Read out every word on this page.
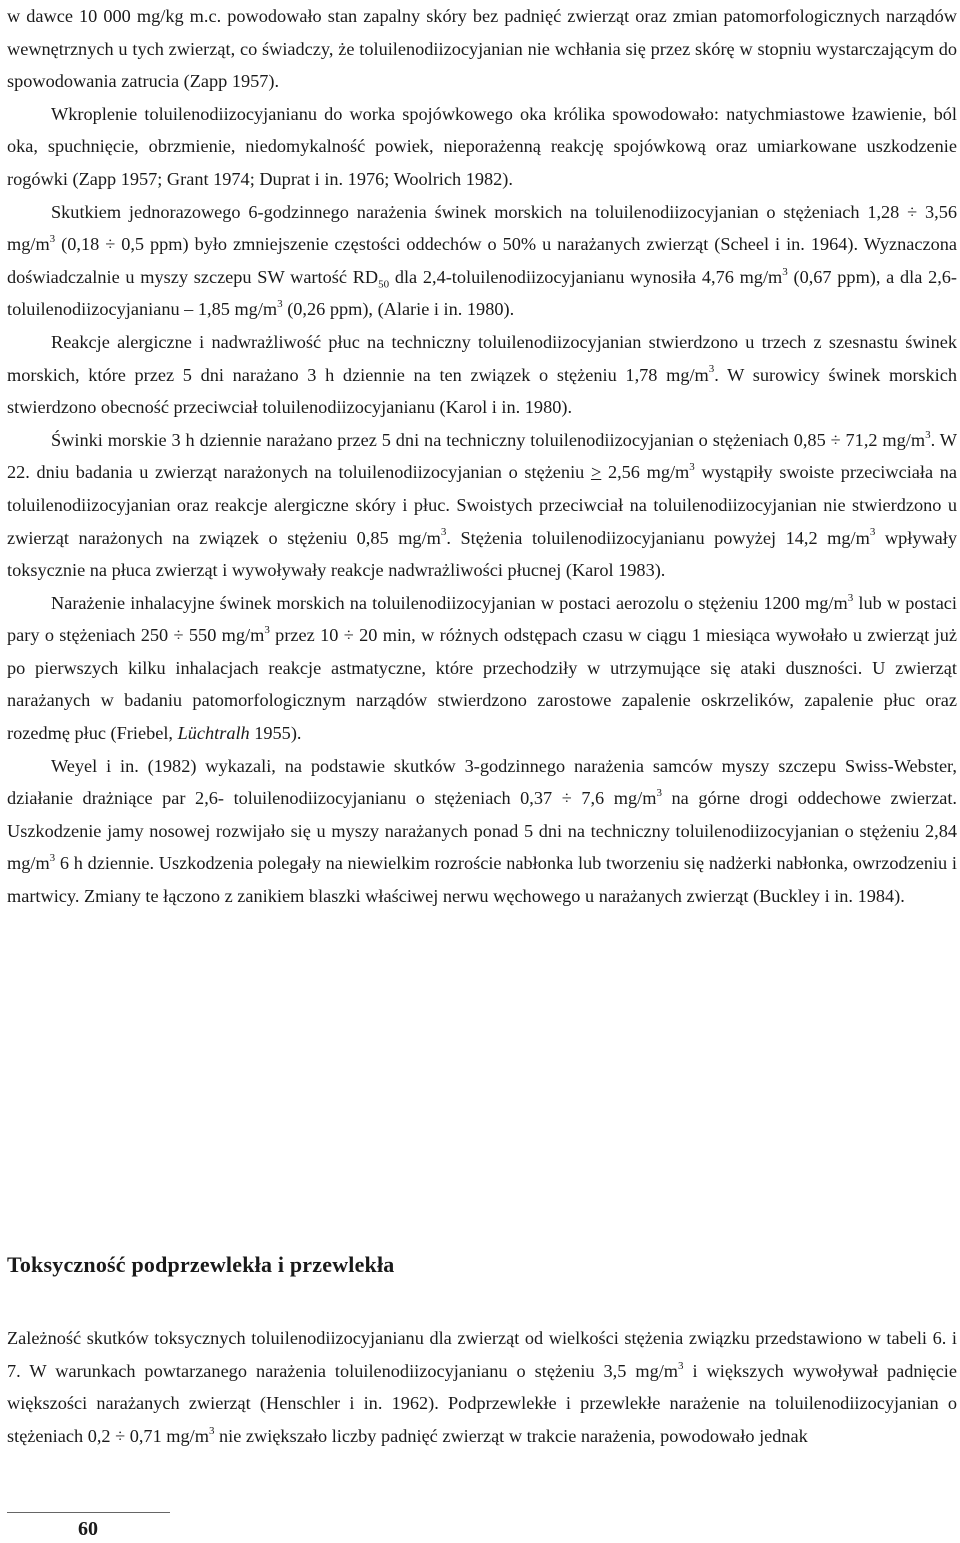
w dawce 10 000 mg/kg m.c. powodowało stan zapalny skóry bez padnięć zwierząt oraz zmian patomorfologicznych narządów wewnętrznych u tych zwierząt, co świadczy, że toluilenodiizocyjanian nie wchłania się przez skórę w stopniu wystarczającym do spowodowania zatrucia (Zapp 1957).

Wkroplenie toluilenodiizocyjanianu do worka spojówkowego oka królika spowodowało: natychmiastowe łzawienie, ból oka, spuchnięcie, obrzmienie, niedomykalność powiek, nieporażenną reakcję spojówkową oraz umiarkowane uszkodzenie rogówki (Zapp 1957; Grant 1974; Duprat i in. 1976; Woolrich 1982).

Skutkiem jednorazowego 6-godzinnego narażenia świnek morskich na toluilenodiizocyjanian o stężeniach 1,28 ÷ 3,56 $mg/m^3$ (0,18 ÷ 0,5 ppm) było zmniejszenie częstości oddechów o 50% u narażanych zwierząt (Scheel i in. 1964). Wyznaczona doświadczalnie u myszy szczepu SW wartość $RD_{50}$ dla 2,4-toluilenodiizocyjanianu wynosiła 4,76 $mg/m^3$ (0,67 ppm), a dla 2,6-toluilenodiizocyjanianu – 1,85 $mg/m^3$ (0,26 ppm), (Alarie i in. 1980).

Reakcje alergiczne i nadwrażliwość płuc na techniczny toluilenodiizocyjanian stwierdzono u trzech z szesnastu świnek morskich, które przez 5 dni narażano 3 h dziennie na ten związek o stężeniu 1,78 $mg/m^3$. W surowicy świnek morskich stwierdzono obecność przeciwciał toluilenodiizocyjanianu (Karol i in. 1980).

Świnki morskie 3 h dziennie narażano przez 5 dni na techniczny toluilenodiizocyjanian o stężeniach 0,85 ÷ 71,2 $mg/m^3$. W 22. dniu badania u zwierząt narażonych na toluilenodiizocyjanian o stężeniu ≥ 2,56 $mg/m^3$ wystąpiły swoiste przeciwciała na toluilenodiizocyjanian oraz reakcje alergiczne skóry i płuc. Swoistych przeciwciał na toluilenodiizocyjanian nie stwierdzono u zwierząt narażonych na związek o stężeniu 0,85 $mg/m^3$. Stężenia toluilenodiizocyjanianu powyżej 14,2 $mg/m^3$ wpływały toksycznie na płuca zwierząt i wywoływały reakcje nadwrażliwości płucnej (Karol 1983).

Narażenie inhalacyjne świnek morskich na toluilenodiizocyjanian w postaci aerozolu o stężeniu 1200 $mg/m^3$ lub w postaci pary o stężeniach 250 ÷ 550 $mg/m^3$ przez 10 ÷ 20 min, w różnych odstępach czasu w ciągu 1 miesiąca wywołało u zwierząt już po pierwszych kilku inhalacjach reakcje astmatyczne, które przechodziły w utrzymujące się ataki duszności. U zwierząt narażanych w badaniu patomorfologicznym narządów stwierdzono zarostowe zapalenie oskrzelików, zapalenie płuc oraz rozedmę płuc (Friebel, Lüchtralh 1955).

Weyel i in. (1982) wykazali, na podstawie skutków 3-godzinnego narażenia samców myszy szczepu Swiss-Webster, działanie drażniące par 2,6- toluilenodiizocyjanianu o stężeniach 0,37 ÷ 7,6 $mg/m^3$ na górne drogi oddechowe zwierzat. Uszkodzenie jamy nosowej rozwijało się u myszy narażanych ponad 5 dni na techniczny toluilenodiizocyjanian o stężeniu 2,84 $mg/m^3$ 6 h dziennie. Uszkodzenia polegały na niewielkim rozroście nabłonka lub tworzeniu się nadżerki nabłonka, owrzodzeniu i martwicy. Zmiany te łączono z zanikiem blaszki właściwej nerwu węchowego u narażanych zwierząt (Buckley i in. 1984).

Toksyczność podprzewlekła i przewlekła

Zależność skutków toksycznych toluilenodiizocyjanianu dla zwierząt od wielkości stężenia związku przedstawiono w tabeli 6. i 7. W warunkach powtarzanego narażenia toluilenodiizocyjanianu o stężeniu 3,5 $mg/m^3$ i większych wywoływał padnięcie większości narażanych zwierząt (Henschler i in. 1962). Podprzewlekłe i przewlekłe narażenie na toluilenodiizocyjanian o stężeniach 0,2 ÷ 0,71 $mg/m^3$ nie zwiększało liczby padnięć zwierząt w trakcie narażenia, powodowało jednak

60
